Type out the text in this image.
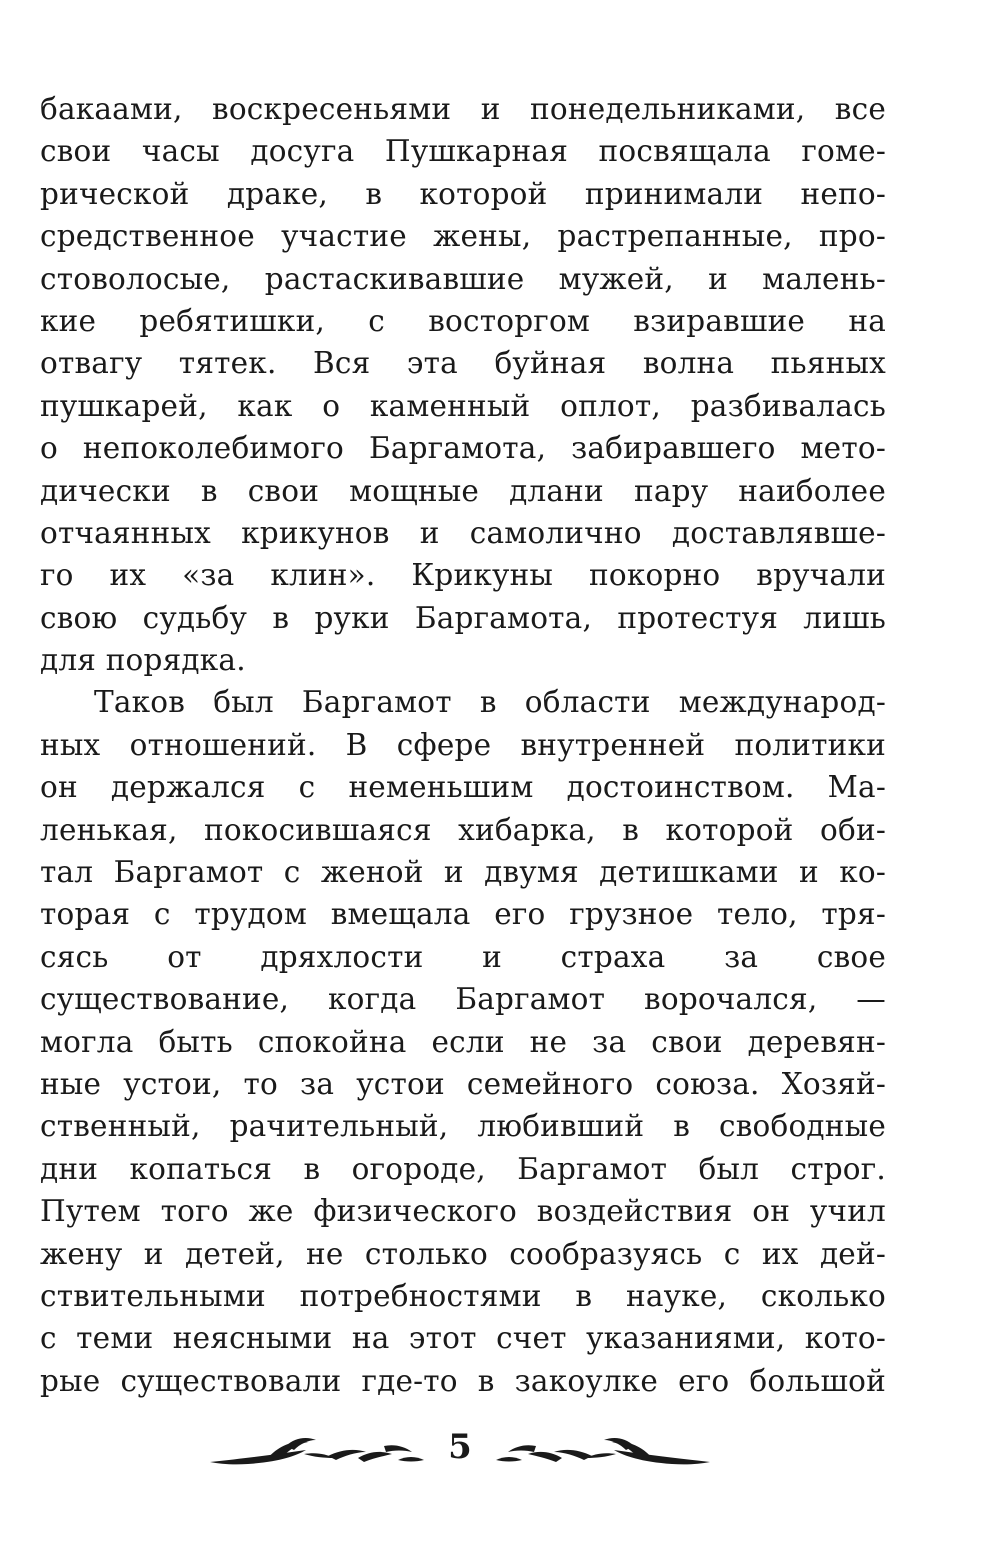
бакаами, воскресеньями и понедельниками, все
свои часы досуга Пушкарная посвящала гоме-
рической драке, в которой принимали непо-
средственное участие жены, растрепанные, про-
стоволосые, растаскивавшие мужей, и малень-
кие ребятишки, с восторгом взиравшие на
отвагу тятек. Вся эта буйная волна пьяных
пушкарей, как о каменный оплот, разбивалась
о непоколебимого Баргамота, забиравшего мето-
дически в свои мощные длани пару наиболее
отчаянных крикунов и самолично доставлявше-
го их «за клин». Крикуны покорно вручали
свою судьбу в руки Баргамота, протестуя лишь
для порядка.
Таков был Баргамот в области международ-
ных отношений. В сфере внутренней политики
он держался с неменьшим достоинством. Ма-
ленькая, покосившаяся хибарка, в которой оби-
тал Баргамот с женой и двумя детишками и ко-
торая с трудом вмещала его грузное тело, тря-
сясь от дряхлости и страха за свое
существование, когда Баргамот ворочался, —
могла быть спокойна если не за свои деревян-
ные устои, то за устои семейного союза. Хозяй-
ственный, рачительный, любивший в свободные
дни копаться в огороде, Баргамот был строг.
Путем того же физического воздействия он учил
жену и детей, не столько сообразуясь с их дей-
ствительными потребностями в науке, сколько
с теми неясными на этот счет указаниями, кото-
рые существовали где-то в закоулке его большой
5
